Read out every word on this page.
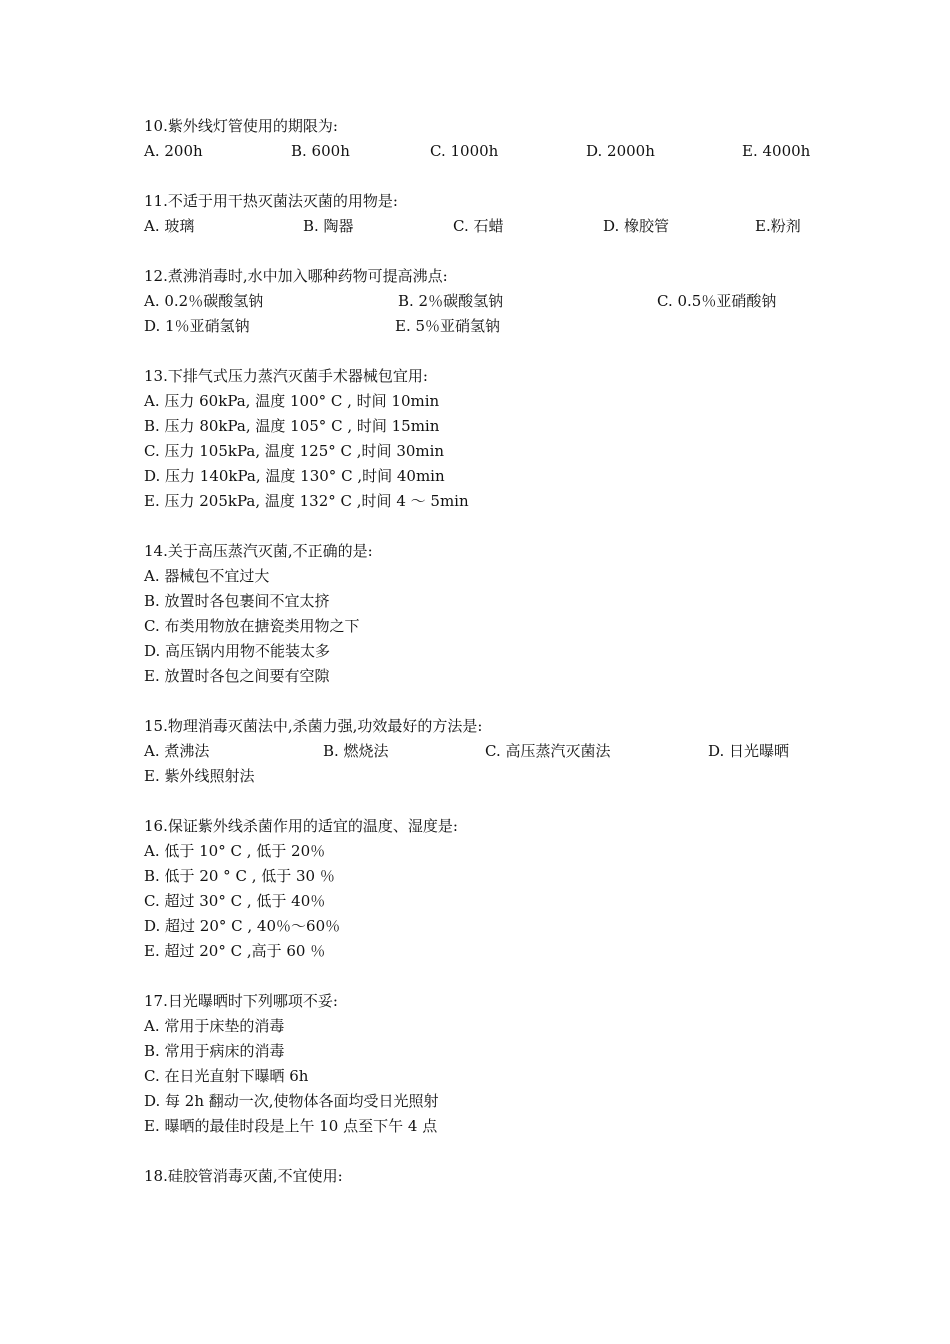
10.紫外线灯管使用的期限为:
A. 200h	B. 600h	C. 1000h	D. 2000h	E. 4000h
11.不适于用干热灭菌法灭菌的用物是:
A. 玻璃	B. 陶器	C. 石蜡	D. 橡胶管	E.粉剂
12.煮沸消毒时,水中加入哪种药物可提高沸点:
A. 0.2％碳酸氢钠	B. 2％碳酸氢钠	C. 0.5％亚硝酸钠
D. 1％亚硝氢钠	E. 5％亚硝氢钠
13.下排气式压力蒸汽灭菌手术器械包宜用:
A. 压力 60kPa, 温度 100° C , 时间 10min
B. 压力 80kPa, 温度 105° C , 时间 15min
C. 压力 105kPa, 温度 125° C ,时间 30min
D. 压力 140kPa, 温度 130° C ,时间 40min
E. 压力 205kPa, 温度 132° C ,时间 4 ～ 5min
14.关于高压蒸汽灭菌,不正确的是:
A. 器械包不宜过大
B. 放置时各包裹间不宜太挤
C. 布类用物放在搪瓷类用物之下
D. 高压锅内用物不能装太多
E. 放置时各包之间要有空隙
15.物理消毒灭菌法中,杀菌力强,功效最好的方法是:
A. 煮沸法	B. 燃烧法	C. 高压蒸汽灭菌法	D. 日光曝晒
E. 紫外线照射法
16.保证紫外线杀菌作用的适宜的温度、湿度是:
A. 低于 10° C , 低于 20％
B. 低于 20 ° C , 低于 30 ％
C. 超过 30° C , 低于 40％
D. 超过 20° C , 40％～60％
E. 超过 20° C ,高于 60 ％
17.日光曝晒时下列哪项不妥:
A. 常用于床垫的消毒
B. 常用于病床的消毒
C. 在日光直射下曝晒 6h
D. 每 2h 翻动一次,使物体各面均受日光照射
E. 曝晒的最佳时段是上午 10 点至下午 4 点
18.硅胶管消毒灭菌,不宜使用:
